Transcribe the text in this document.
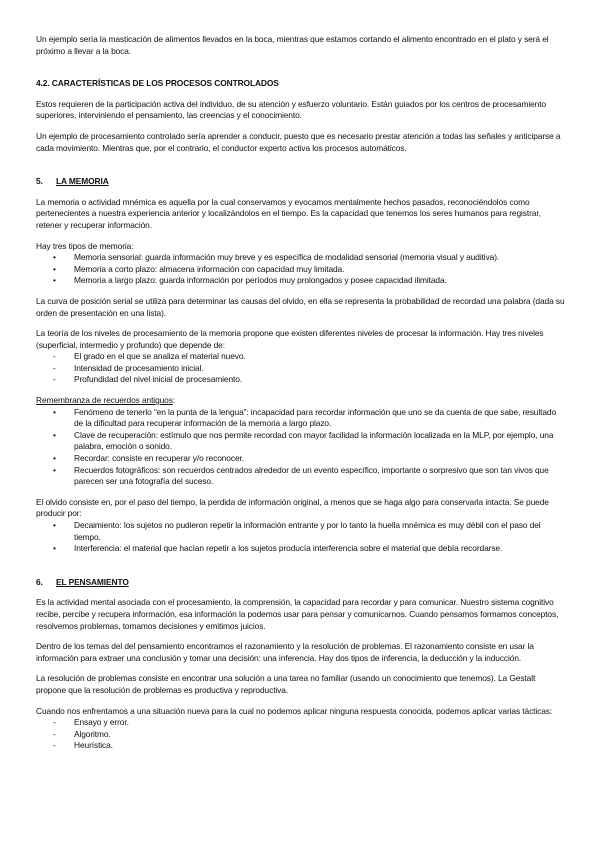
Un ejemplo sería la masticación de alimentos llevados en la boca, mientras que estamos cortando el alimento encontrado en el plato y será el próximo a llevar a la boca.

4.2. CARACTERÍSTICAS DE LOS PROCESOS CONTROLADOS

Estos requieren de la participación activa del individuo, de su atención y esfuerzo voluntario. Están guiados por los centros de procesamiento superiores, interviniendo el pensamiento, las creencias y el conocimiento.

Un ejemplo de procesamiento controlado sería aprender a conducir, puesto que es necesario prestar atención a todas las señales y anticiparse a cada movimiento. Mientras que, por el contrario, el conductor experto activa los procesos automáticos.

5. LA MEMORIA

La memoria o actividad mnémica es aquella por la cual conservamos y evocamos mentalmente hechos pasados, reconociéndolos como pertenecientes a nuestra experiencia anterior y localizándolos en el tiempo. Es la capacidad que tenemos los seres humanos para registrar, retener y recuperar información.

Hay tres tipos de memoria:

• Memoria sensorial: guarda información muy breve y es específica de modalidad sensorial (memoria visual y auditiva).
• Memoria a corto plazo: almacena información con capacidad muy limitada.
• Memoria a largo plazo: guarda información por períodos muy prolongados y posee capacidad ilimitada.

La curva de posición serial se utiliza para determinar las causas del olvido, en ella se representa la probabilidad de recordad una palabra (dada su orden de presentación en una lista).

La teoría de los niveles de procesamiento de la memoria propone que existen diferentes niveles de procesar la información. Hay tres niveles (superficial, intermedio y profundo) que depende de:

- El grado en el que se analiza el material nuevo.
- Intensidad de procesamiento inicial.
- Profundidad del nivel inicial de procesamiento.

Remembranza de recuerdos antiguos:

• Fenómeno de tenerlo “en la punta de la lengua”: incapacidad para recordar información que uno se da cuenta de que sabe, resultado de la dificultad para recuperar información de la memoria a largo plazo.
• Clave de recuperación: estímulo que nos permite recordad con mayor facilidad la información localizada en la MLP, por ejemplo, una palabra, emoción o sonido.
• Recordar: consiste en recuperar y/o reconocer.
• Recuerdos fotográficos: son recuerdos centrados alrededor de un evento específico, importante o sorpresivo que son tan vivos que parecen ser una fotografía del suceso.

El olvido consiste en, por el paso del tiempo, la perdida de información original, a menos que se haga algo para conservarla intacta. Se puede producir por:

• Decaimiento: los sujetos no pudieron repetir la información entrante y por lo tanto la huella mnémica es muy débil con el paso del tiempo.
• Interferencia: el material que hacían repetir a los sujetos producía interferencia sobre el material que debía recordarse.
6. EL PENSAMIENTO

Es la actividad mental asociada con el procesamiento, la comprensión, la capacidad para recordar y para comunicar. Nuestro sistema cognitivo recibe, percibe y recupera información, esa información la podemos usar para pensar y comunicarnos. Cuando pensamos formamos conceptos, resolvemos problemas, tomamos decisiones y emitimos juicios.

Dentro de los temas del del pensamiento encontramos el razonamiento y la resolución de problemas. El razonamiento consiste en usar la información para extraer una conclusión y tomar una decisión: una inferencia. Hay dos tipos de inferencia, la deducción y la inducción.

La resolución de problemas consiste en encontrar una solución a una tarea no familiar (usando un conocimiento que tenemos). La Gestalt propone que la resolución de problemas es productiva y reproductiva.

Cuando nos enfrentamos a una situación nueva para la cual no podemos aplicar ninguna respuesta conocida, podemos aplicar varias tácticas:

- Ensayo y error.
- Algoritmo.
- Heurística.
